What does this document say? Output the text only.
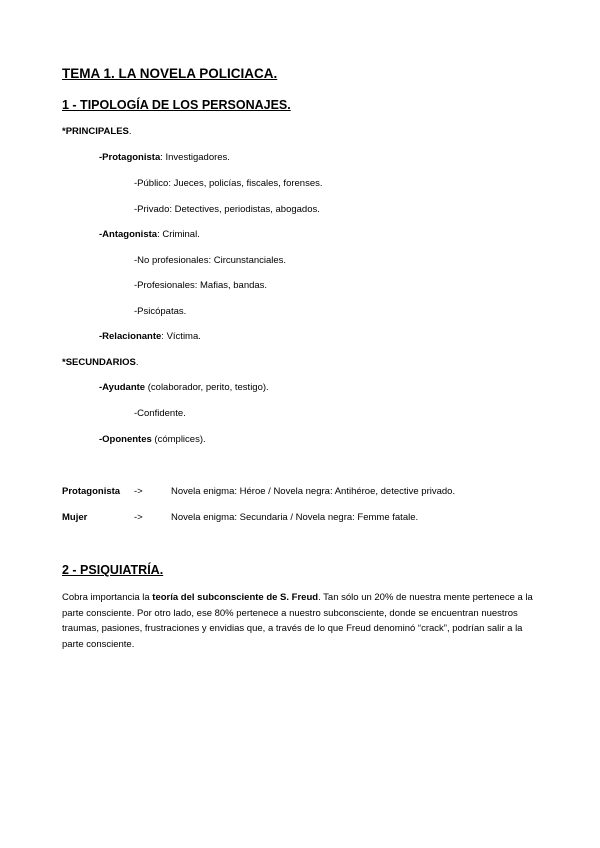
TEMA 1. LA NOVELA POLICIACA.
1 - TIPOLOGÍA DE LOS PERSONAJES.
*PRINCIPALES.
-Protagonista: Investigadores.
-Público: Jueces, policías, fiscales, forenses.
-Privado: Detectives, periodistas, abogados.
-Antagonista: Criminal.
-No profesionales: Circunstanciales.
-Profesionales: Mafias, bandas.
-Psicópatas.
-Relacionante: Víctima.
*SECUNDARIOS.
-Ayudante (colaborador, perito, testigo).
-Confidente.
-Oponentes (cómplices).
Protagonista ->	Novela enigma: Héroe / Novela negra: Antihéroe, detective privado.
Mujer	->	Novela enigma: Secundaria / Novela negra: Femme fatale.
2 - PSIQUIATRÍA.
Cobra importancia la teoría del subconsciente de S. Freud. Tan sólo un 20% de nuestra mente pertenece a la parte consciente. Por otro lado, ese 80% pertenece a nuestro subconsciente, donde se encuentran nuestros traumas, pasiones, frustraciones y envidias que, a través de lo que Freud denominó “crack”, podrían salir a la parte consciente.
